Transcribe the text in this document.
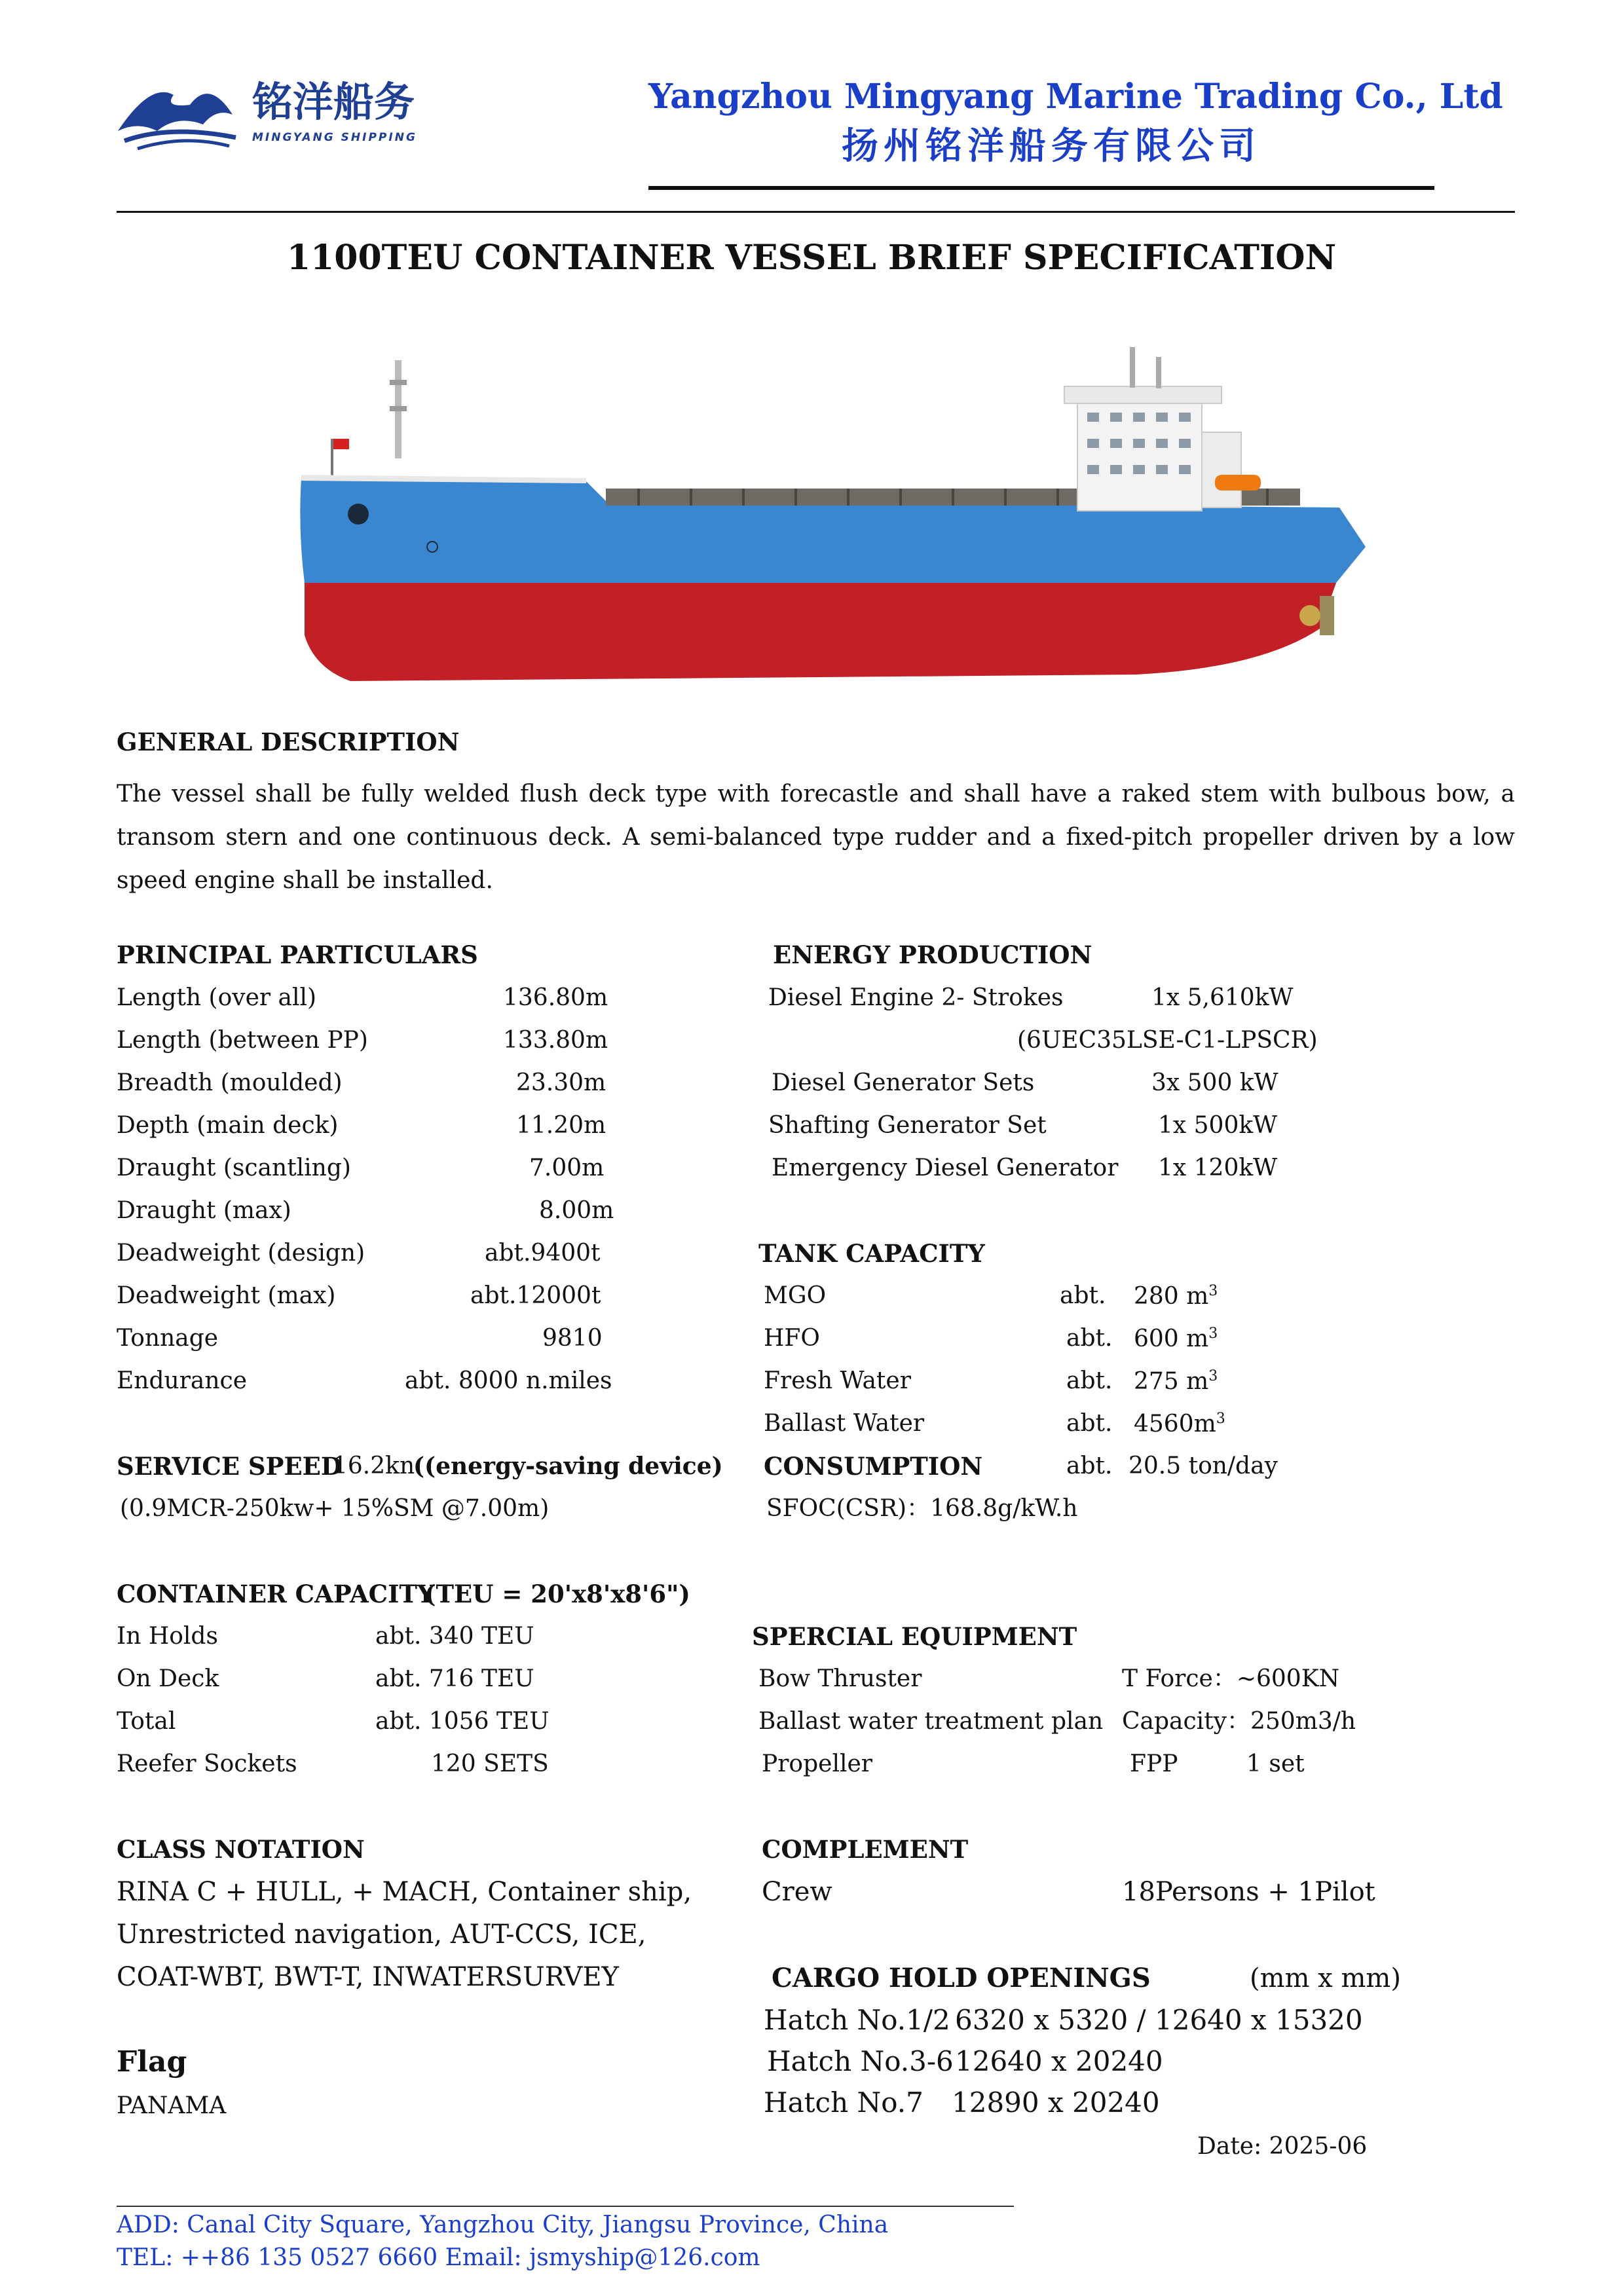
铭洋船务
MINGYANG SHIPPING
Yangzhou Mingyang Marine Trading Co., Ltd
扬州铭洋船务有限公司
1100TEU CONTAINER VESSEL BRIEF SPECIFICATION
GENERAL DESCRIPTION
The vessel shall be fully welded flush deck type with forecastle and shall have a raked stem with bulbous bow, a transom stern and one continuous deck. A semi-balanced type rudder and a fixed-pitch propeller driven by a low speed engine shall be installed.
PRINCIPAL PARTICULARS
Length (over all)	136.80m
Length (between PP)	133.80m
Breadth (moulded)	23.30m
Depth (main deck)	11.20m
Draught (scantling)	7.00m
Draught (max)	8.00m
Deadweight (design)	abt.9400t
Deadweight (max)	abt.12000t
Tonnage	9810
Endurance	abt. 8000 n.miles
ENERGY PRODUCTION
Diesel Engine 2- Strokes	1x 5,610kW
(6UEC35LSE-C1-LPSCR)
Diesel Generator Sets	3x 500 kW
Shafting Generator Set	1x 500kW
Emergency Diesel Generator 1x 120kW
TANK CAPACITY
MGO	abt. 280 $m^3$
HFO	abt. 600 $m^3$
Fresh Water	abt. 275 $m^3$
Ballast Water	abt. $4560m^3$
CONSUMPTION	abt. 20.5 ton/day
SFOC(CSR)：168.8g/kW.h
SERVICE SPEED
16.2kn
((energy-saving device)
(0.9MCR-250kw+ 15%SM @7.00m)
CONTAINER CAPACITY
(TEU = 20'x8'x8'6")
In Holds	abt. 340 TEU
On Deck	abt. 716 TEU
Total	abt. 1056 TEU
Reefer Sockets	120 SETS
SPERCIAL EQUIPMENT
Bow Thruster	T Force：~600KN
Ballast water treatment plan Capacity：250m3/h
Propeller	FPP	1 set
CLASS NOTATION
RINA C + HULL, + MACH, Container ship,
Unrestricted navigation, AUT-CCS, ICE,
COAT-WBT, BWT-T, INWATERSURVEY
COMPLEMENT
Crew	18Persons + 1Pilot
CARGO HOLD OPENINGS	(mm x mm)
Hatch No.1/2 6320 x 5320 / 12640 x 15320
Hatch No.3-6 12640 x 20240
Hatch No.7 12890 x 20240
Flag
PANAMA
Date: 2025-06
ADD: Canal City Square, Yangzhou City, Jiangsu Province, China
TEL: ++86 135 0527 6660 Email: jsmyship@126.com
